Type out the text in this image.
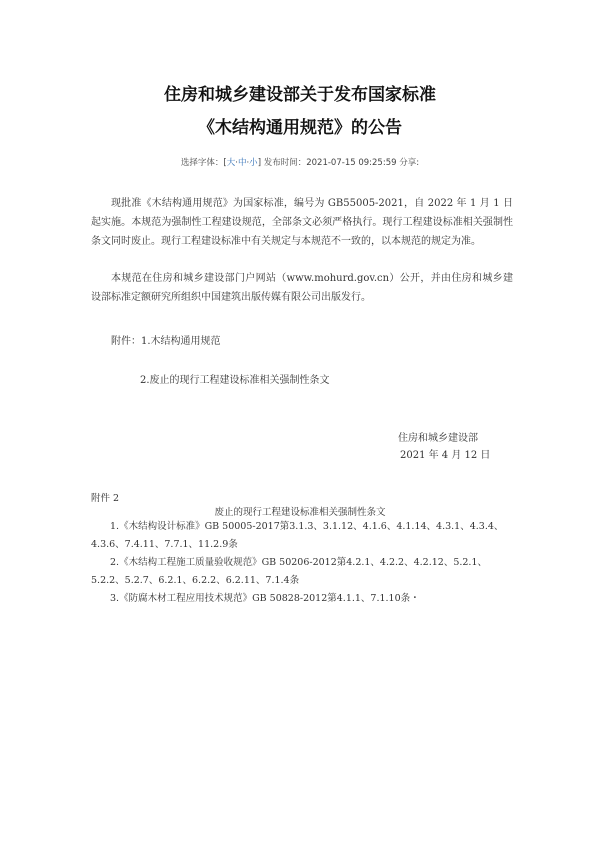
住房和城乡建设部关于发布国家标准
《木结构通用规范》的公告
选择字体：[大·中·小] 发布时间：2021-07-15 09:25:59 分享:
现批准《木结构通用规范》为国家标准，编号为 GB55005-2021，自 2022 年 1 月 1 日起实施。本规范为强制性工程建设规范，全部条文必须严格执行。现行工程建设标准相关强制性条文同时废止。现行工程建设标准中有关规定与本规范不一致的，以本规范的规定为准。
本规范在住房和城乡建设部门户网站（www.mohurd.gov.cn）公开，并由住房和城乡建设部标准定额研究所组织中国建筑出版传媒有限公司出版发行。
附件：1.木结构通用规范
2.废止的现行工程建设标准相关强制性条文
住房和城乡建设部
2021 年 4 月 12 日
附件 2
废止的现行工程建设标准相关强制性条文
1.《木结构设计标准》GB 50005-2017第3.1.3、3.1.12、4.1.6、4.1.14、4.3.1、4.3.4、4.3.6、7.4.11、7.7.1、11.2.9条
2.《木结构工程施工质量验收规范》GB 50206-2012第4.2.1、4.2.2、4.2.12、5.2.1、5.2.2、5.2.7、6.2.1、6.2.2、6.2.11、7.1.4条
3.《防腐木材工程应用技术规范》GB 50828-2012第4.1.1、7.1.10条・
